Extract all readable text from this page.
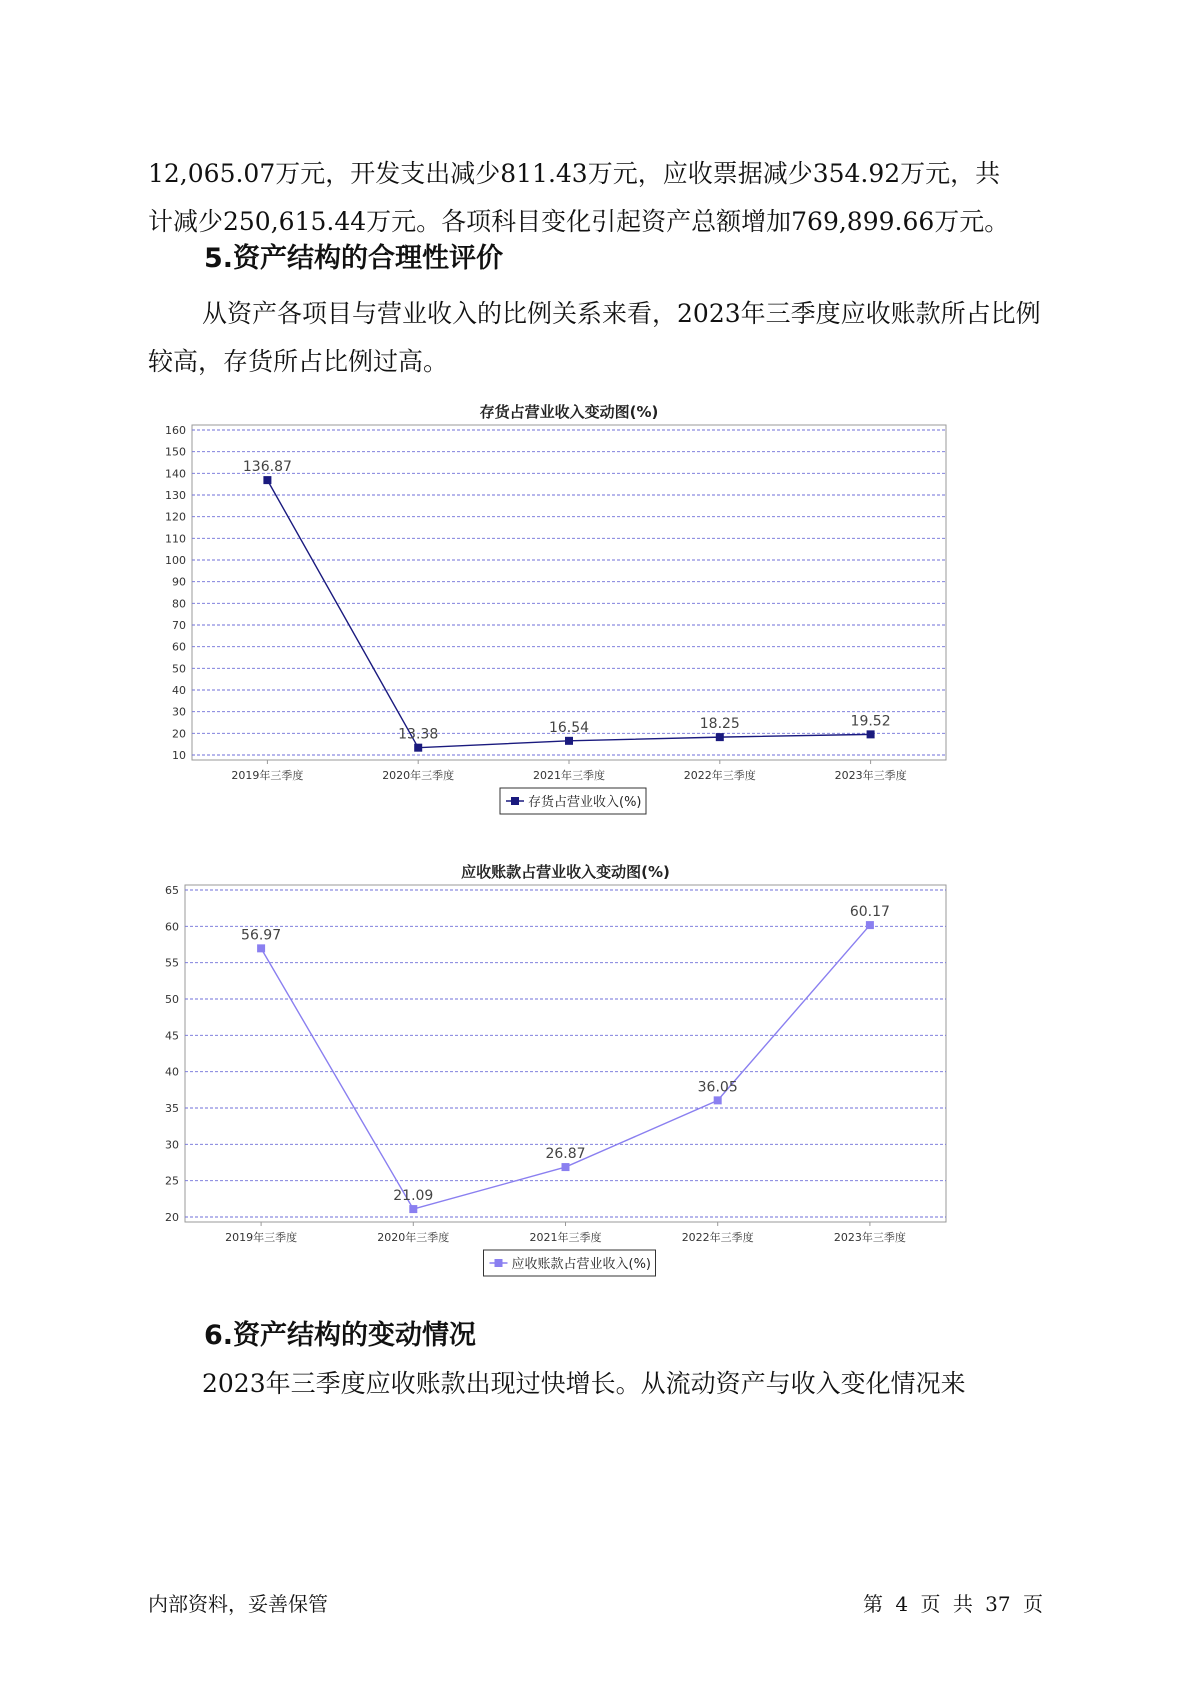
12,065.07万元，开发支出减少811.43万元，应收票据减少354.92万元，共

计减少250,615.44万元。各项科目变化引起资产总额增加769,899.66万元。

5.资产结构的合理性评价
从资产各项目与营业收入的比例关系来看，2023年三季度应收账款所占比例较高，存货所占比例过高。
存货占营业收入变动图(%)
10
20
30
40
50
60
70
80
90
100
110
120
130
140
150
160
2019年三季度	2020年三季度	2021年三季度	2022年三季度	2023年三季度
136.87
13.38	16.54	18.25	19.52
存货占营业收入(%)
应收账款占营业收入变动图(%)
20
25
30
35
40
45
50
55
60
65
2019年三季度	2020年三季度	2021年三季度	2022年三季度	2023年三季度
56.97
21.09
26.87
36.05
60.17
应收账款占营业收入(%)
6.资产结构的变动情况
2023年三季度应收账款出现过快增长。从流动资产与收入变化情况来
内部资料，妥善保管	第 4 页 共 37 页
